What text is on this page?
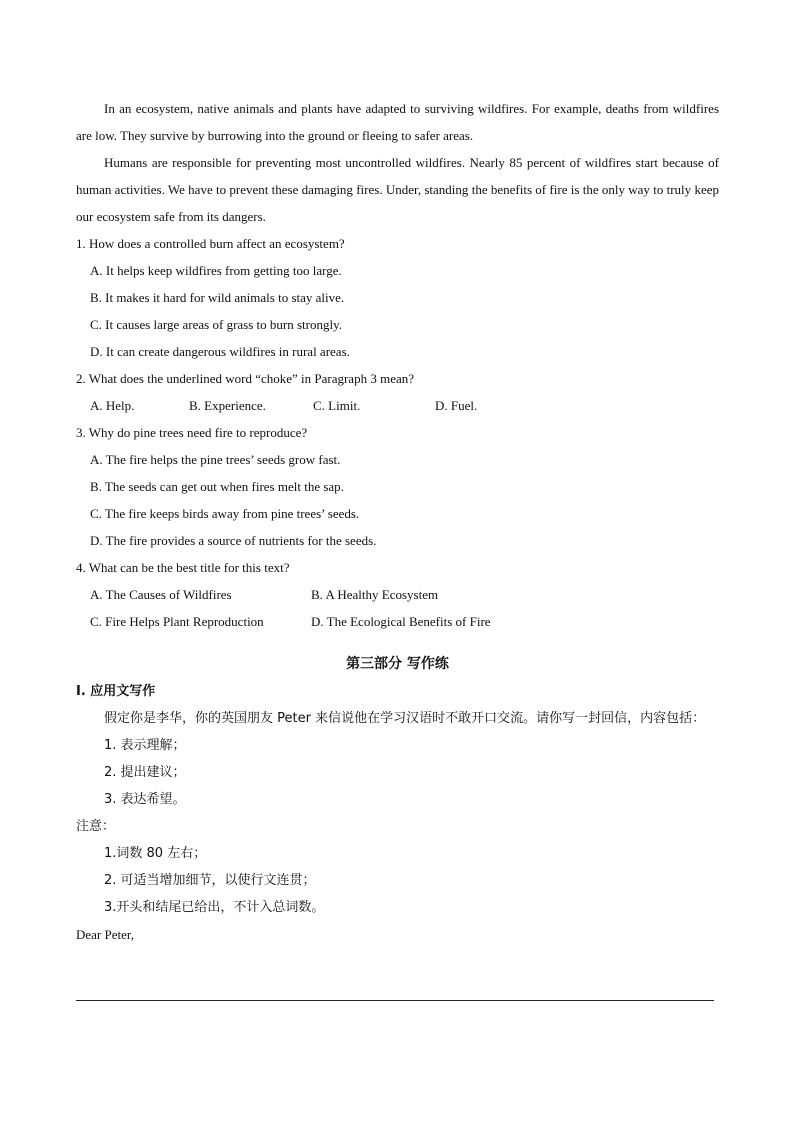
In an ecosystem, native animals and plants have adapted to surviving wildfires. For example, deaths from wildfires are low. They survive by burrowing into the ground or fleeing to safer areas.

Humans are responsible for preventing most uncontrolled wildfires. Nearly 85 percent of wildfires start because of human activities. We have to prevent these damaging fires. Under, standing the benefits of fire is the only way to truly keep our ecosystem safe from its dangers.

1. How does a controlled burn affect an ecosystem?

A. It helps keep wildfires from getting too large.

B. It makes it hard for wild animals to stay alive.

C. It causes large areas of grass to burn strongly.

D. It can create dangerous wildfires in rural areas.

2. What does the underlined word “choke” in Paragraph 3 mean?

A. Help.	B. Experience.	C. Limit.	D. Fuel.

3. Why do pine trees need fire to reproduce?

A. The fire helps the pine trees’ seeds grow fast.

B. The seeds can get out when fires melt the sap.

C. The fire keeps birds away from pine trees’ seeds.

D. The fire provides a source of nutrients for the seeds.

4. What can be the best title for this text?

A. The Causes of Wildfires	B. A Healthy Ecosystem
C. Fire Helps Plant Reproduction	D. The Ecological Benefits of Fire
第三部分 写作练

Ⅰ. 应用文写作

假定你是李华，你的英国朋友 Peter 来信说他在学习汉语时不敢开口交流。请你写一封回信，内容包括：

1. 表示理解；

2. 提出建议；

3. 表达希望。

注意：

1.词数 80 左右；

2. 可适当增加细节，以使行文连贯；

3.开头和结尾已给出，不计入总词数。

Dear Peter,
